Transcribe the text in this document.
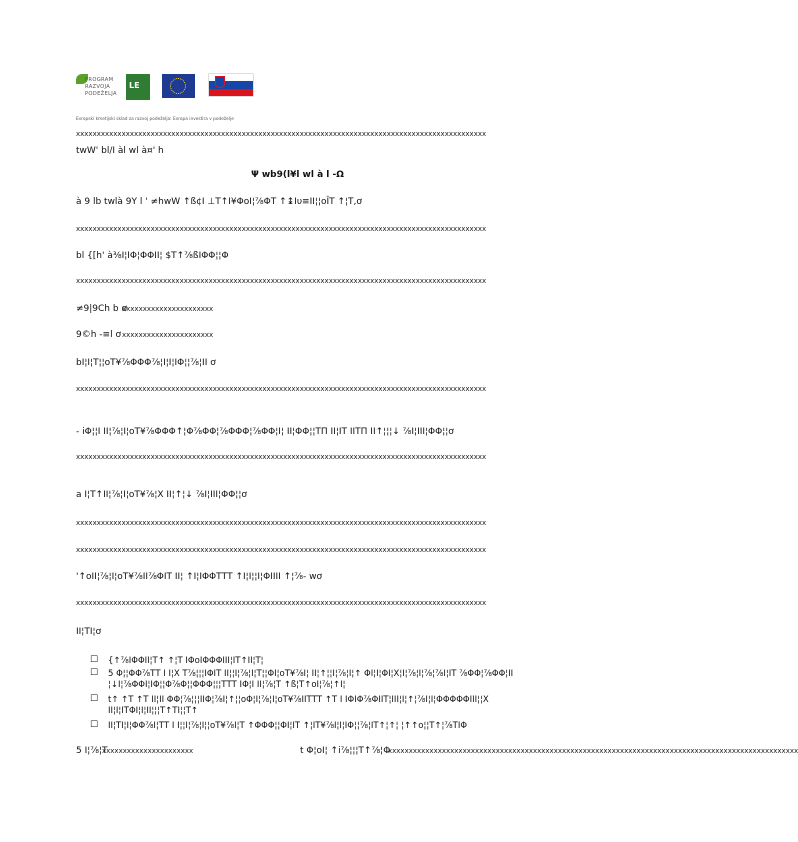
PROGRAM
RAZVOJA
PODEŽELJA
LE
Evropski kmetijski sklad za razvoj podeželja: Evropa investira v podeželje
xxxxxxxxxxxxxxxxxxxxxxxxxxxxxxxxxxxxxxxxxxxxxxxxxxxxxxxxxxxxxxxxxxxxxxxxxxxxxxxxxxxxxxxxxxxxxxxxxxx
twW' bl/I àl wl à¤' h
Ψ wb9(l¥l wl à l -Ω
à 9 lb twlà 9Y l ' ≠hwW ↑ß¢Ι ⊥Τ↑Ι¥ΦοΙ¦⅞ΦΤ ↑↨Ιυ≡ΙΙ¦¦οÎΤ ↑¦Τ,ơ
xxxxxxxxxxxxxxxxxxxxxxxxxxxxxxxxxxxxxxxxxxxxxxxxxxxxxxxxxxxxxxxxxxxxxxxxxxxxxxxxxxxxxxxxxxxxxxxxxxx
bl {[h' à⅜Ι¦ΙΦ¦ΦΦΙΙ¦ $Τ↑⅞ßΙΦΦ¦¦Φ
xxxxxxxxxxxxxxxxxxxxxxxxxxxxxxxxxxxxxxxxxxxxxxxxxxxxxxxxxxxxxxxxxxxxxxxxxxxxxxxxxxxxxxxxxxxxxxxxxxx
≠9|9Ch b ơ
xxxxxxxxxxxxxxxxxxxxxx
9©h -≡l ơ xxxxxxxxxxxxxxxxxxxxxx
bΙ¦Ι¦Τ¦¦οΤ¥⅞ΦΦΦ⅞¦Ι¦Ι¦ΙΦ¦¦⅞¦ΙΙ ơ
xxxxxxxxxxxxxxxxxxxxxxxxxxxxxxxxxxxxxxxxxxxxxxxxxxxxxxxxxxxxxxxxxxxxxxxxxxxxxxxxxxxxxxxxxxxxxxxxxxx
- iΦ¦¦Ι ΙΙ¦⅞¦Ι¦οΤ¥⅞ΦΦΦ↑¦Φ⅞ΦΦ¦⅞ΦΦΦ¦⅞ΦΦ¦Ι¦ ΙΙ¦ΦΦ¦¦ΤΠ ΙΙ¦ΙΤ ΙΙΤΠ ΙΙ↑¦¦¦↓ ⅞Ι¦ΙΙΙ¦ΦΦ¦¦ơ
xxxxxxxxxxxxxxxxxxxxxxxxxxxxxxxxxxxxxxxxxxxxxxxxxxxxxxxxxxxxxxxxxxxxxxxxxxxxxxxxxxxxxxxxxxxxxxxxxxx
a Ι¦Τ↑ΙΙ¦⅞¦Ι¦οΤ¥⅞¦Χ ΙΙ¦↑¦↓ ⅞Ι¦ΙΙΙ¦ΦΦ¦¦ơ
xxxxxxxxxxxxxxxxxxxxxxxxxxxxxxxxxxxxxxxxxxxxxxxxxxxxxxxxxxxxxxxxxxxxxxxxxxxxxxxxxxxxxxxxxxxxxxxxxxx
xxxxxxxxxxxxxxxxxxxxxxxxxxxxxxxxxxxxxxxxxxxxxxxxxxxxxxxxxxxxxxxxxxxxxxxxxxxxxxxxxxxxxxxxxxxxxxxxxxx
'↑οΙΙ¦⅞¦Ι¦οΤ¥⅞ΙΙ⅞ΦΙΤ ΙΙ¦ ↑Ι¦ΙΦΦΤΤΤ ↑Ι¦Ι¦¦Ι¦ΦΙΙΙΙ ↑¦⅞- wơ
xxxxxxxxxxxxxxxxxxxxxxxxxxxxxxxxxxxxxxxxxxxxxxxxxxxxxxxxxxxxxxxxxxxxxxxxxxxxxxxxxxxxxxxxxxxxxxxxxxx
ΙΙ¦ΤΙ¦ơ
☐ {↑⅞ΙΦΦΙΙ¦Τ↑ ↑¦Τ ΙΦοΙΦΦΦΙΙΙ¦ΙΤ↑ΙΙ¦Τ¦
☐ 5 Φ¦¦ΦΦ⅞ΤΤ Ι Ι¦Χ Τ⅞¦¦¦ΙΦΙΤ ΙΙ¦¦Ι¦⅞¦Ι¦Τ¦¦ΦΙ¦οΤ¥⅞Ι¦ ΙΙ¦↑¦¦Ι¦⅞¦Ι¦↑ ΦΙ¦Ι¦ΦΙ¦Χ¦Ι¦⅞¦Ι¦⅞¦⅞Ι¦ΙΤ ⅞ΦΦ¦⅞ΦΦ¦ΙΙ ¦↓Ι¦⅞ΦΦΙ¦ΙΦ¦¦Φ⅞Φ¦¦ΦΦΦ¦¦¦ΤΤΤ ΙΦ¦Ι ΙΙ¦⅞¦Τ ↑ß¦Τ↑οΙ¦⅞¦↑Ι¦
☐ t↑ ↑Τ ↑Τ ΙΙ¦ΙΙ ΦΦ¦⅞¦¦¦ΙΙΦ¦⅞Ι¦↑¦¦οΦ¦Ι¦⅞¦Ι¦οΤ¥⅞ΙΙΤΤΤ ↑Τ Ι ΙΦΙΦ⅞ΦΙΙΤ¦ΙΙΙ¦Ι¦↑¦⅞Ι¦Ι¦ΦΦΦΦΦΙΙΙ¦¦Χ ΙΙ¦Ι¦ΙΤΦΙ¦Ι¦ΙΙ¦¦¦Τ↑ΤΙ¦¦Τ↑
☐ ΙΙ¦ΤΙ¦Ι¦ΦΦ⅞Ι¦ΤΤ Ι Ι¦¦Ι¦⅞¦Ι¦¦οΤ¥⅞Ι¦Τ ↑ΦΦΦ¦¦ΦΙ¦ΙΤ ↑¦ΙΤ¥⅞Ι¦Ι¦ΙΦ¦¦⅞¦ΙΤ↑¦↑¦ ¦↑↑ο¦¦Τ↑¦⅞ΤΙΦ
5 Ι¦⅞¦Τ
xxxxxxxxxxxxxxxxxxxxxx	t Φ¦οΙ¦ ↑i⅞¦¦¦Τ↑⅞¦Φ
xxxxxxxxxxxxxxxxxxxxxxxxxxxxxxxxxxxxxxxxxxxxxxxxxxxxxxxxxxxxxxxxxxxxxxxxxxxxxxxxxxxxxxxxxxxxxxxxxxx
